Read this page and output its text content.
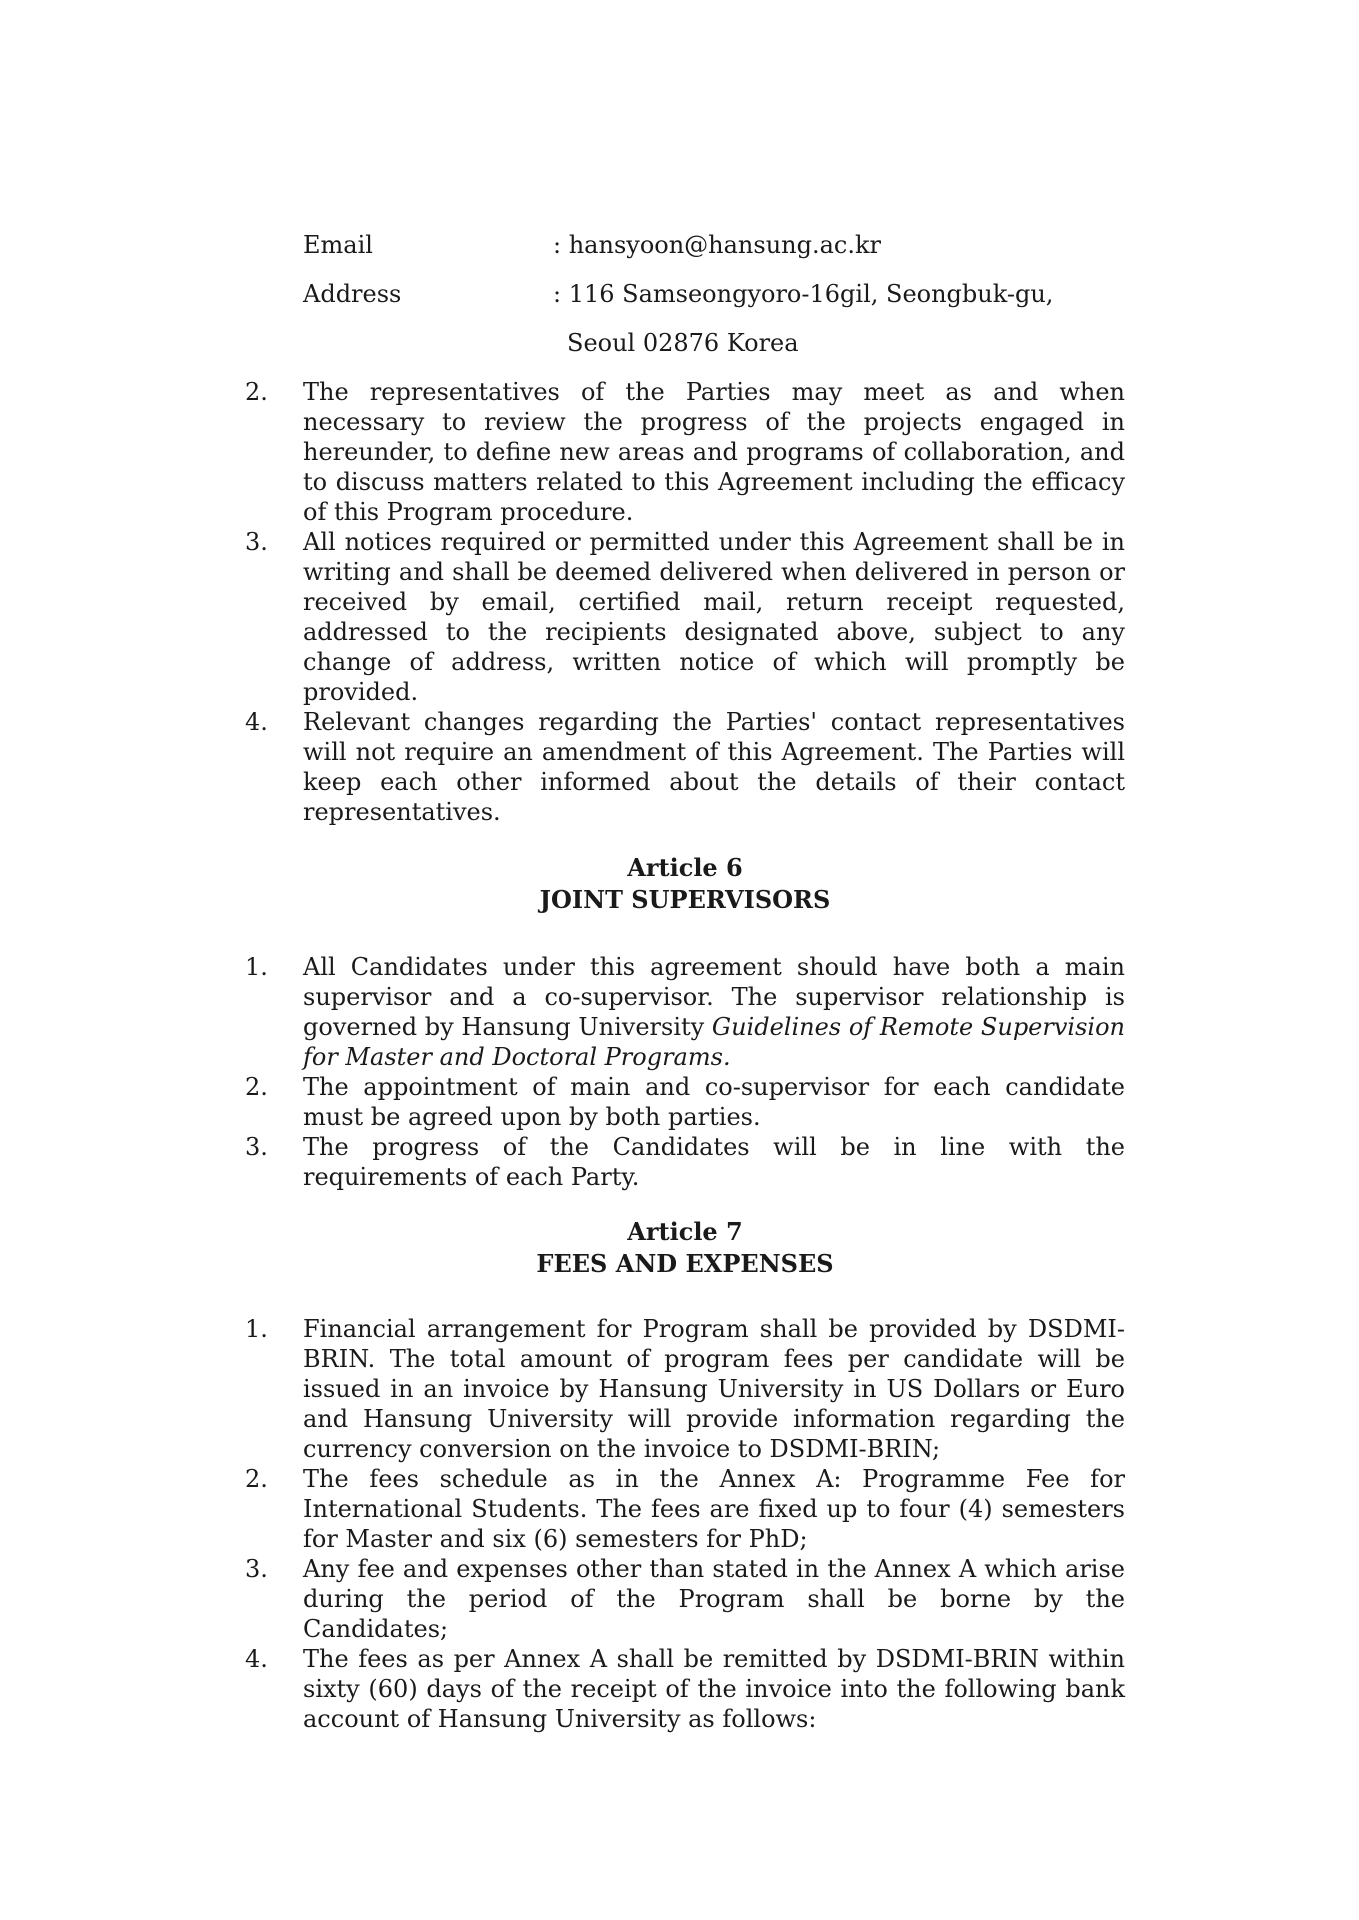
Email	: hansyoon@hansung.ac.kr
Address	: 116 Samseongyoro-16gil, Seongbuk-gu,
Seoul 02876 Korea
2.	The representatives of the Parties may meet as and when necessary to review the progress of the projects engaged in hereunder, to define new areas and programs of collaboration, and to discuss matters related to this Agreement including the efficacy of this Program procedure.
3.	All notices required or permitted under this Agreement shall be in writing and shall be deemed delivered when delivered in person or received by email, certified mail, return receipt requested, addressed to the recipients designated above, subject to any change of address, written notice of which will promptly be provided.
4.	Relevant changes regarding the Parties' contact representatives will not require an amendment of this Agreement. The Parties will keep each other informed about the details of their contact representatives.
Article 6
JOINT SUPERVISORS
1.	All Candidates under this agreement should have both a main supervisor and a co-supervisor. The supervisor relationship is governed by Hansung University Guidelines of Remote Supervision for Master and Doctoral Programs.
2.	The appointment of main and co-supervisor for each candidate must be agreed upon by both parties.
3.	The progress of the Candidates will be in line with the requirements of each Party.
Article 7
FEES AND EXPENSES
1.	Financial arrangement for Program shall be provided by DSDMI-BRIN. The total amount of program fees per candidate will be issued in an invoice by Hansung University in US Dollars or Euro and Hansung University will provide information regarding the currency conversion on the invoice to DSDMI-BRIN;
2.	The fees schedule as in the Annex A: Programme Fee for International Students. The fees are fixed up to four (4) semesters for Master and six (6) semesters for PhD;
3.	Any fee and expenses other than stated in the Annex A which arise during the period of the Program shall be borne by the Candidates;
4.	The fees as per Annex A shall be remitted by DSDMI-BRIN within sixty (60) days of the receipt of the invoice into the following bank account of Hansung University as follows:
